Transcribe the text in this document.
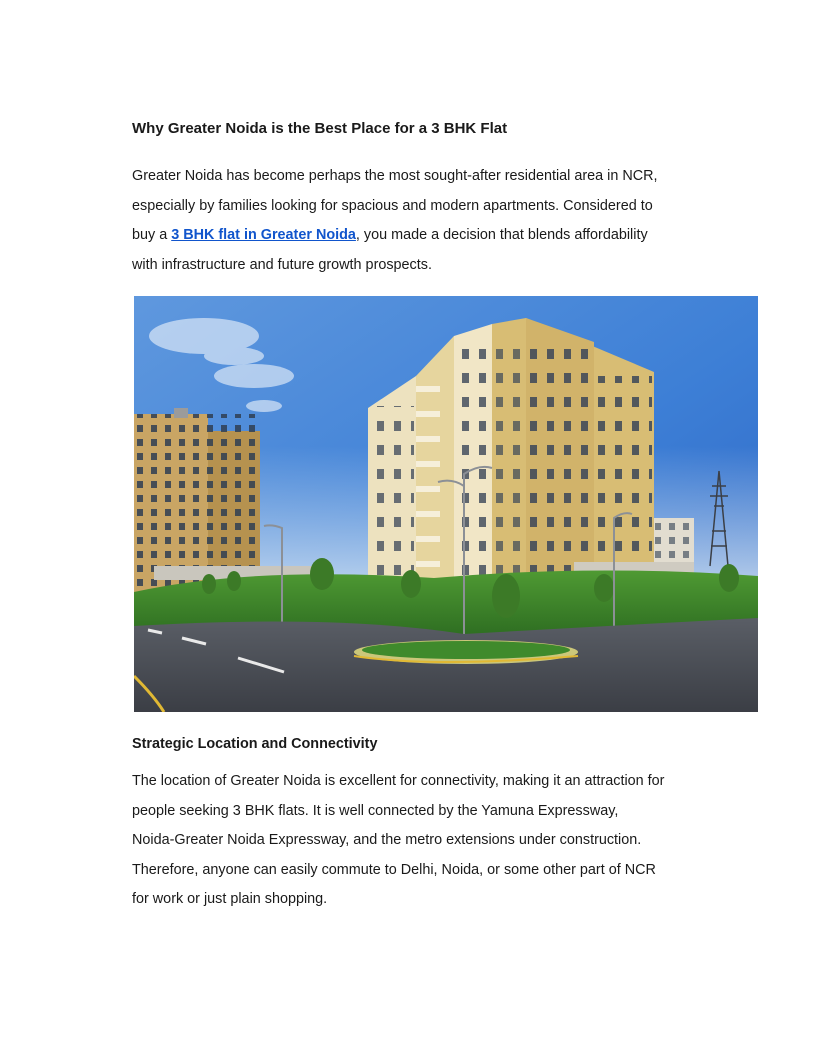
Why Greater Noida is the Best Place for a 3 BHK Flat
Greater Noida has become perhaps the most sought-after residential area in NCR,
especially by families looking for spacious and modern apartments. Considered to
buy a 3 BHK flat in Greater Noida, you made a decision that blends affordability
with infrastructure and future growth prospects.
Strategic Location and Connectivity
The location of Greater Noida is excellent for connectivity, making it an attraction for
people seeking 3 BHK flats. It is well connected by the Yamuna Expressway,
Noida-Greater Noida Expressway, and the metro extensions under construction.
Therefore, anyone can easily commute to Delhi, Noida, or some other part of NCR
for work or just plain shopping.
